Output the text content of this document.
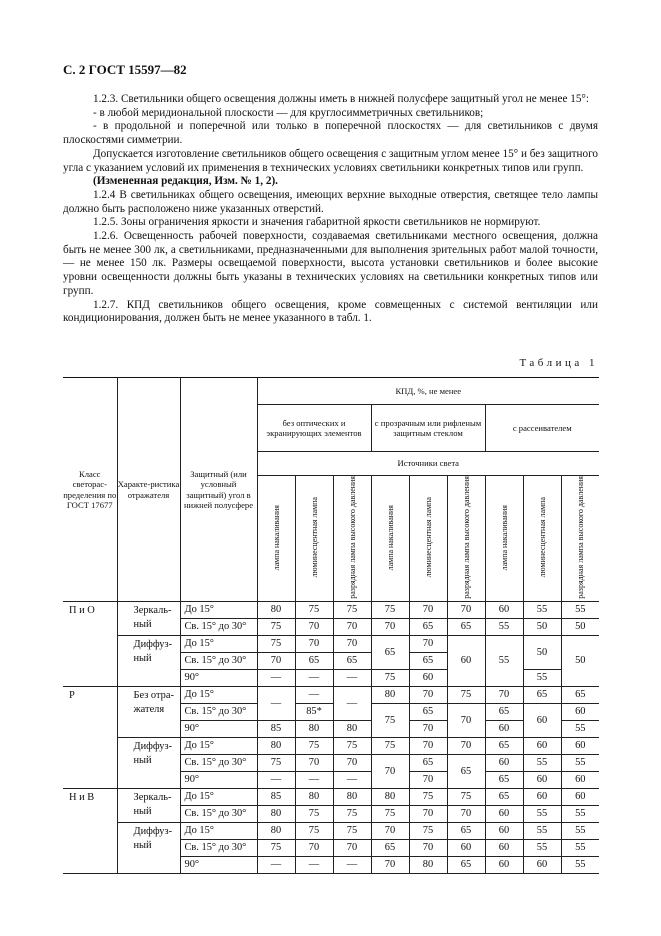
С. 2 ГОСТ 15597—82

1.2.3. Светильники общего освещения должны иметь в нижней полусфере защитный угол не менее 15°:

- в любой меридиональной плоскости — для круглосимметричных светильников;

- в продольной и поперечной или только в поперечной плоскостях — для светильников с двумя плоскостями симметрии.

Допускается изготовление светильников общего освещения с защитным углом менее 15° и без защитного угла с указанием условий их применения в технических условиях светильники конкретных типов или групп.

(Измененная редакция, Изм. № 1, 2).

1.2.4 В светильниках общего освещения, имеющих верхние выходные отверстия, светящее тело лампы должно быть расположено ниже указанных отверстий.

1.2.5. Зоны ограничения яркости и значения габаритной яркости светильников не нормируют.

1.2.6. Освещенность рабочей поверхности, создаваемая светильниками местного освещения, должна быть не менее 300 лк, а светильниками, предназначенными для выполнения зрительных работ малой точности, — не менее 150 лк. Размеры освещаемой поверхности, высота установки светильников и более высокие уровни освещенности должны быть указаны в технических условиях на светильники конкретных типов или групп.

1.2.7. КПД светильников общего освещения, кроме совмещенных с системой вентиляции или кондиционирования, должен быть не менее указанного в табл. 1.

Таблица 1
Класс светорас-пределения по ГОСТ 17677	Характе-ристика отражателя	Защитный (или условный защитный) угол в нижней полусфере	КПД, %, не менее								
			без оптических и экранирующих элементов			с прозрачным или рифленым защитным стеклом			с рассеивателем		
			Источники света								
			лампа накаливания	люминесцентная лампа	разрядная лампа высокого давления	лампа накаливания	люминесцентная лампа	разрядная лампа высокого давления	лампа накаливания	люминесцентная лампа	разрядная лампа высокого давления
П и О	Зеркаль-ный	До 15°	80	75	75	75	70	70	60	55	55
		Св. 15° до 30°	75	70	70	70	65	65	55	50	50
	Диффуз-ный	До 15°	75	70	70	65	70	60	55	50	50
		Св. 15° до 30°	70	65	65		65				
		90°	—	—	—	75	60			55	
Р	Без отра-жателя	До 15°	—	—	—	80	70	75	70	65	65
		Св. 15° до 30°		85*		75	65	70	65	60	60
		90°	85	80	80		70		60		55
	Диффуз-ный	До 15°	80	75	75	75	70	70	65	60	60
		Св. 15° до 30°	75	70	70	70	65	65	60	55	55
		90°	—	—	—		70		65	60	60
Н и В	Зеркаль-ный	До 15°	85	80	80	80	75	75	65	60	60
		Св. 15° до 30°	80	75	75	75	70	70	60	55	55
	Диффуз-ный	До 15°	80	75	75	70	75	65	60	55	55
		Св. 15° до 30°	75	70	70	65	70	60	60	55	55
		90°	—	—	—	70	80	65	60	60	55
